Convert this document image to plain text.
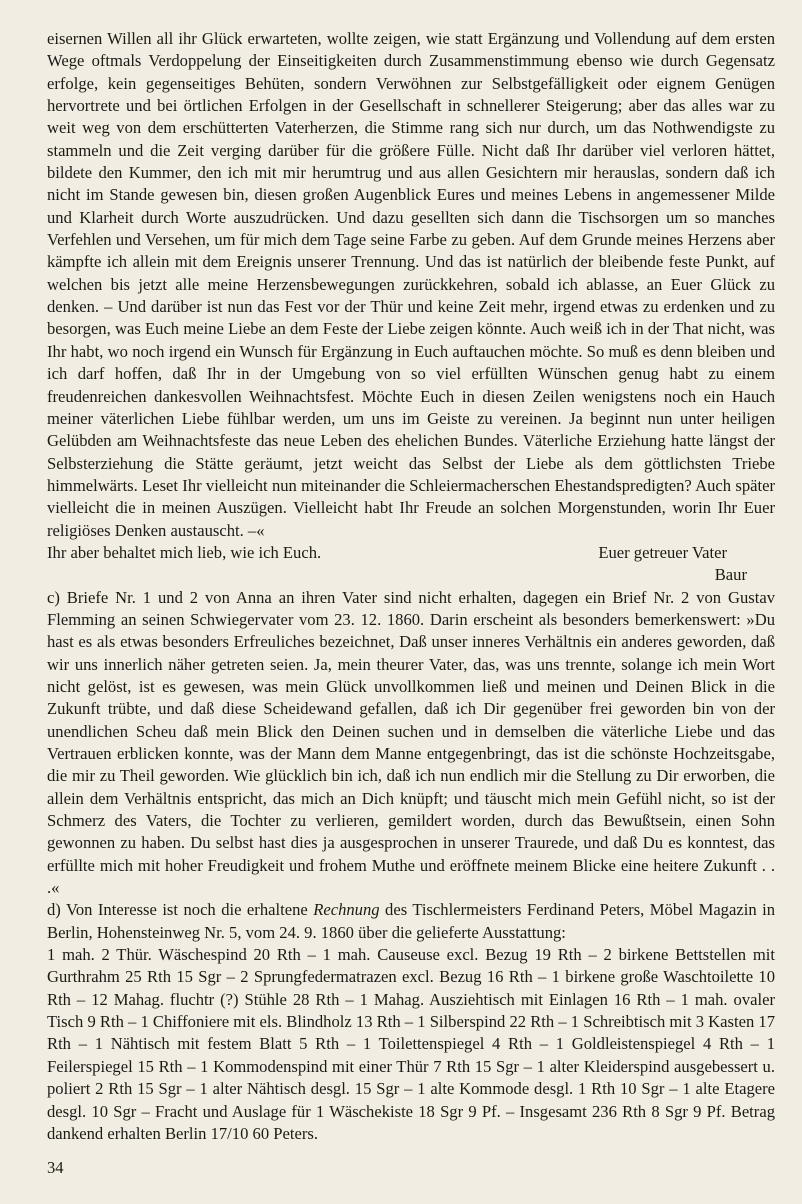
eisernen Willen all ihr Glück erwarteten, wollte zeigen, wie statt Ergänzung und Vollendung auf dem ersten Wege oftmals Verdoppelung der Einseitigkeiten durch Zusammenstimmung ebenso wie durch Gegensatz erfolge, kein gegenseitiges Behüten, sondern Verwöhnen zur Selbstgefälligkeit oder eignem Genügen hervortrete und bei örtlichen Erfolgen in der Gesellschaft in schnellerer Steigerung; aber das alles war zu weit weg von dem erschütterten Vaterherzen, die Stimme rang sich nur durch, um das Nothwendigste zu stammeln und die Zeit verging darüber für die größere Fülle. Nicht daß Ihr darüber viel verloren hättet, bildete den Kummer, den ich mit mir herumtrug und aus allen Gesichtern mir herauslas, sondern daß ich nicht im Stande gewesen bin, diesen großen Augenblick Eures und meines Lebens in angemessener Milde und Klarheit durch Worte auszudrücken. Und dazu gesellten sich dann die Tischsorgen um so manches Verfehlen und Versehen, um für mich dem Tage seine Farbe zu geben. Auf dem Grunde meines Herzens aber kämpfte ich allein mit dem Ereignis unserer Trennung. Und das ist natürlich der bleibende feste Punkt, auf welchen bis jetzt alle meine Herzensbewegungen zurückkehren, sobald ich ablasse, an Euer Glück zu denken. – Und darüber ist nun das Fest vor der Thür und keine Zeit mehr, irgend etwas zu erdenken und zu besorgen, was Euch meine Liebe an dem Feste der Liebe zeigen könnte. Auch weiß ich in der That nicht, was Ihr habt, wo noch irgend ein Wunsch für Ergänzung in Euch auftauchen möchte. So muß es denn bleiben und ich darf hoffen, daß Ihr in der Umgebung von so viel erfüllten Wünschen genug habt zu einem freudenreichen dankesvollen Weihnachtsfest. Möchte Euch in diesen Zeilen wenigstens noch ein Hauch meiner väterlichen Liebe fühlbar werden, um uns im Geiste zu vereinen. Ja beginnt nun unter heiligen Gelübden am Weihnachtsfeste das neue Leben des ehelichen Bundes. Väterliche Erziehung hatte längst der Selbsterziehung die Stätte geräumt, jetzt weicht das Selbst der Liebe als dem göttlichsten Triebe himmelwärts. Leset Ihr vielleicht nun miteinander die Schleiermacherschen Ehestandspredigten? Auch später vielleicht die in meinen Auszügen. Vielleicht habt Ihr Freude an solchen Morgenstunden, worin Ihr Euer religiöses Denken austauscht. –«

Ihr aber behaltet mich lieb, wie ich Euch.	Euer getreuer Vater
Baur

c) Briefe Nr. 1 und 2 von Anna an ihren Vater sind nicht erhalten, dagegen ein Brief Nr. 2 von Gustav Flemming an seinen Schwiegervater vom 23. 12. 1860. Darin erscheint als besonders bemerkenswert: »Du hast es als etwas besonders Erfreuliches bezeichnet, Daß unser inneres Verhältnis ein anderes geworden, daß wir uns innerlich näher getreten seien. Ja, mein theurer Vater, das, was uns trennte, solange ich mein Wort nicht gelöst, ist es gewesen, was mein Glück unvollkommen ließ und meinen und Deinen Blick in die Zukunft trübte, und daß diese Scheidewand gefallen, daß ich Dir gegenüber frei geworden bin von der unendlichen Scheu daß mein Blick den Deinen suchen und in demselben die väterliche Liebe und das Vertrauen erblicken konnte, was der Mann dem Manne entgegenbringt, das ist die schönste Hochzeitsgabe, die mir zu Theil geworden. Wie glücklich bin ich, daß ich nun endlich mir die Stellung zu Dir erworben, die allein dem Verhältnis entspricht, das mich an Dich knüpft; und täuscht mich mein Gefühl nicht, so ist der Schmerz des Vaters, die Tochter zu verlieren, gemildert worden, durch das Bewußtsein, einen Sohn gewonnen zu haben. Du selbst hast dies ja ausgesprochen in unserer Traurede, und daß Du es konntest, das erfüllte mich mit hoher Freudigkeit und frohem Muthe und eröffnete meinem Blicke eine heitere Zukunft . . .«

d) Von Interesse ist noch die erhaltene Rechnung des Tischlermeisters Ferdinand Peters, Möbel Magazin in Berlin, Hohensteinweg Nr. 5, vom 24. 9. 1860 über die gelieferte Ausstattung:

1 mah. 2 Thür. Wäschespind 20 Rth – 1 mah. Causeuse excl. Bezug 19 Rth – 2 birkene Bettstellen mit Gurthrahm 25 Rth 15 Sgr – 2 Sprungfedermatrazen excl. Bezug 16 Rth – 1 birkene große Waschtoilette 10 Rth – 12 Mahag. fluchtr (?) Stühle 28 Rth – 1 Mahag. Ausziehtisch mit Einlagen 16 Rth – 1 mah. ovaler Tisch 9 Rth – 1 Chiffoniere mit els. Blindholz 13 Rth – 1 Silberspind 22 Rth – 1 Schreibtisch mit 3 Kasten 17 Rth – 1 Nähtisch mit festem Blatt 5 Rth – 1 Toilettenspiegel 4 Rth – 1 Goldleistenspiegel 4 Rth – 1 Feilerspiegel 15 Rth – 1 Kommodenspind mit einer Thür 7 Rth 15 Sgr – 1 alter Kleiderspind ausgebessert u. poliert 2 Rth 15 Sgr – 1 alter Nähtisch desgl. 15 Sgr – 1 alte Kommode desgl. 1 Rth 10 Sgr – 1 alte Etagere desgl. 10 Sgr – Fracht und Auslage für 1 Wäschekiste 18 Sgr 9 Pf. – Insgesamt 236 Rth 8 Sgr 9 Pf. Betrag dankend erhalten Berlin 17/10 60 Peters.

34
